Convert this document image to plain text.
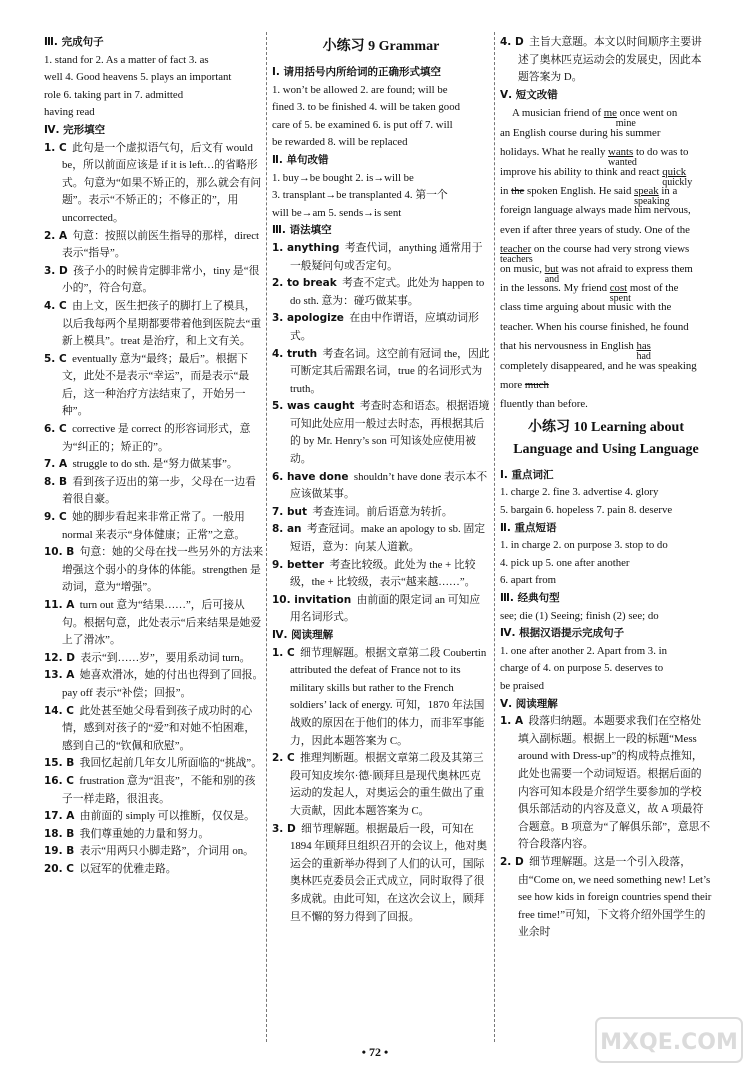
Ⅲ. 完成句子

1. stand for 2. As a matter of fact 3. as

well 4. Good heavens 5. plays an important

role 6. taking part in 7. admitted

having read

Ⅳ. 完形填空

1. C 此句是一个虚拟语气句，后文有 would be，所以前面应该是 if it is left…的省略形式。句意为“如果不矫正的，那么就会有问题”。表示“不矫正的；不修正的”，用 uncorrected。

2. A 句意：按照以前医生指导的那样，direct 表示“指导”。

3. D 孩子小的时候肯定脚非常小，tiny 是“很小的”，符合句意。

4. C 由上文，医生把孩子的脚打上了模具，以后我每两个星期都要带着他到医院去“重新上模具”。treat 是治疗，和上文有关。

5. C eventually 意为“最终；最后”。根据下文，此处不是表示“幸运”，而是表示“最后，这一种治疗方法结束了，开始另一种”。

6. C corrective 是 correct 的形容词形式，意为“纠正的；矫正的”。

7. A struggle to do sth. 是“努力做某事”。

8. B 看到孩子迈出的第一步，父母在一边看着很自豪。

9. C 她的脚步看起来非常正常了。一般用 normal 来表示“身体健康；正常”之意。

10. B 句意：她的父母在找一些另外的方法来增强这个弱小的身体的体能。strengthen 是动词，意为“增强”。

11. A turn out 意为“结果……”，后可接从句。根据句意，此处表示“后来结果是她爱上了滑冰”。

12. D 表示“到……岁”，要用系动词 turn。

13. A 她喜欢滑冰，她的付出也得到了回报。pay off 表示“补偿；回报”。

14. C 此处甚至她父母看到孩子成功时的心情，感到对孩子的“爱”和对她不怕困难，感到自己的“钦佩和欣慰”。

15. B 我回忆起前几年女儿所面临的“挑战”。

16. C frustration 意为“沮丧”，不能和别的孩子一样走路，很沮丧。

17. A 由前面的 simply 可以推断，仅仅是。

18. B 我们尊重她的力量和努力。

19. B 表示“用两只小脚走路”，介词用 on。

20. C 以冠军的优雅走路。

小练习 9 Grammar

Ⅰ. 请用括号内所给词的正确形式填空

1. won’t be allowed 2. are found; will be

fined 3. to be finished 4. will be taken good

care of 5. be examined 6. is put off 7. will

be rewarded 8. will be replaced

Ⅱ. 单句改错

1. buy→be bought 2. is→will be

3. transplant→be transplanted 4. 第一个

will be→am 5. sends→is sent

Ⅲ. 语法填空

1. anything 考查代词，anything 通常用于一般疑问句或否定句。

2. to break 考查不定式。此处为 happen to do sth. 意为：碰巧做某事。

3. apologize 在由中作谓语，应填动词形式。

4. truth 考查名词。这空前有冠词 the，因此可断定其后需跟名词，true 的名词形式为 truth。

5. was caught 考查时态和语态。根据语境可知此处应用一般过去时态，再根据其后的 by Mr. Henry’s son 可知该处应使用被动。

6. have done shouldn’t have done 表示本不应该做某事。

7. but 考查连词。前后语意为转折。

8. an 考查冠词。make an apology to sb. 固定短语，意为：向某人道歉。

9. better 考查比较级。此处为 the + 比较级，the + 比较级，表示“越来越……”。

10. invitation 由前面的限定词 an 可知应用名词形式。

Ⅳ. 阅读理解

1. C 细节理解题。根据文章第二段 Coubertin attributed the defeat of France not to its military skills but rather to the French soldiers’ lack of energy. 可知，1870 年法国战败的原因在于他们的体力，而非军事能力，因此本题答案为 C。

2. C 推理判断题。根据文章第二段及其第三段可知皮埃尔·德·顾拜旦是现代奥林匹克运动的发起人，对奥运会的重生做出了重大贡献，因此本题答案为 C。

3. D 细节理解题。根据最后一段，可知在 1894 年顾拜旦组织召开的会议上，他对奥运会的重新举办得到了人们的认可，国际奥林匹克委员会正式成立，同时取得了很多成就。由此可知，在这次会议上，顾拜旦不懈的努力得到了回报。

4. D 主旨大意题。本文以时间顺序主要讲述了奥林匹克运动会的发展史，因此本题答案为 D。

Ⅴ. 短文改错

A musician friend of me
mine
once went on

an English course during his summer

holidays. What he really wants
wanted
to do was to

improve his ability to think and react quick
quickly

in the spoken English. He said speak
speaking
in a

foreign language always made him nervous,

even if after three years of study. One of the

teacher
teachers
on the course had very strong views

on music, but
and
was not afraid to express them

in the lessons. My friend cost
spent
most of the

class time arguing about music with the

teacher. When his course finished, he found

that his nervousness in English has
had

completely disappeared, and he was speaking

more much

fluently than before.

小练习 10 Learning about Language and Using Language

Ⅰ. 重点词汇

1. charge 2. fine 3. advertise 4. glory

5. bargain 6. hopeless 7. pain 8. deserve

Ⅱ. 重点短语

1. in charge 2. on purpose 3. stop to do

4. pick up 5. one after another

6. apart from

Ⅲ. 经典句型

see; die (1) Seeing; finish (2) see; do

Ⅳ. 根据汉语提示完成句子

1. one after another 2. Apart from 3. in

charge of 4. on purpose 5. deserves to

be praised

Ⅴ. 阅读理解

1. A 段落归纳题。本题要求我们在空格处填入副标题。根据上一段的标题“Mess around with Dress-up”的构成特点推知，此处也需要一个动词短语。根据后面的内容可知本段是介绍学生要参加的学校俱乐部活动的内容及意义，故 A 项最符合题意。B 项意为“了解俱乐部”，意思不符合段落内容。

2. D 细节理解题。这是一个引入段落，由“Come on, we need something new! Let’s see how kids in foreign countries spend their free time!”可知，下文将介绍外国学生的业余时

• 72 •	MXQE.COM
